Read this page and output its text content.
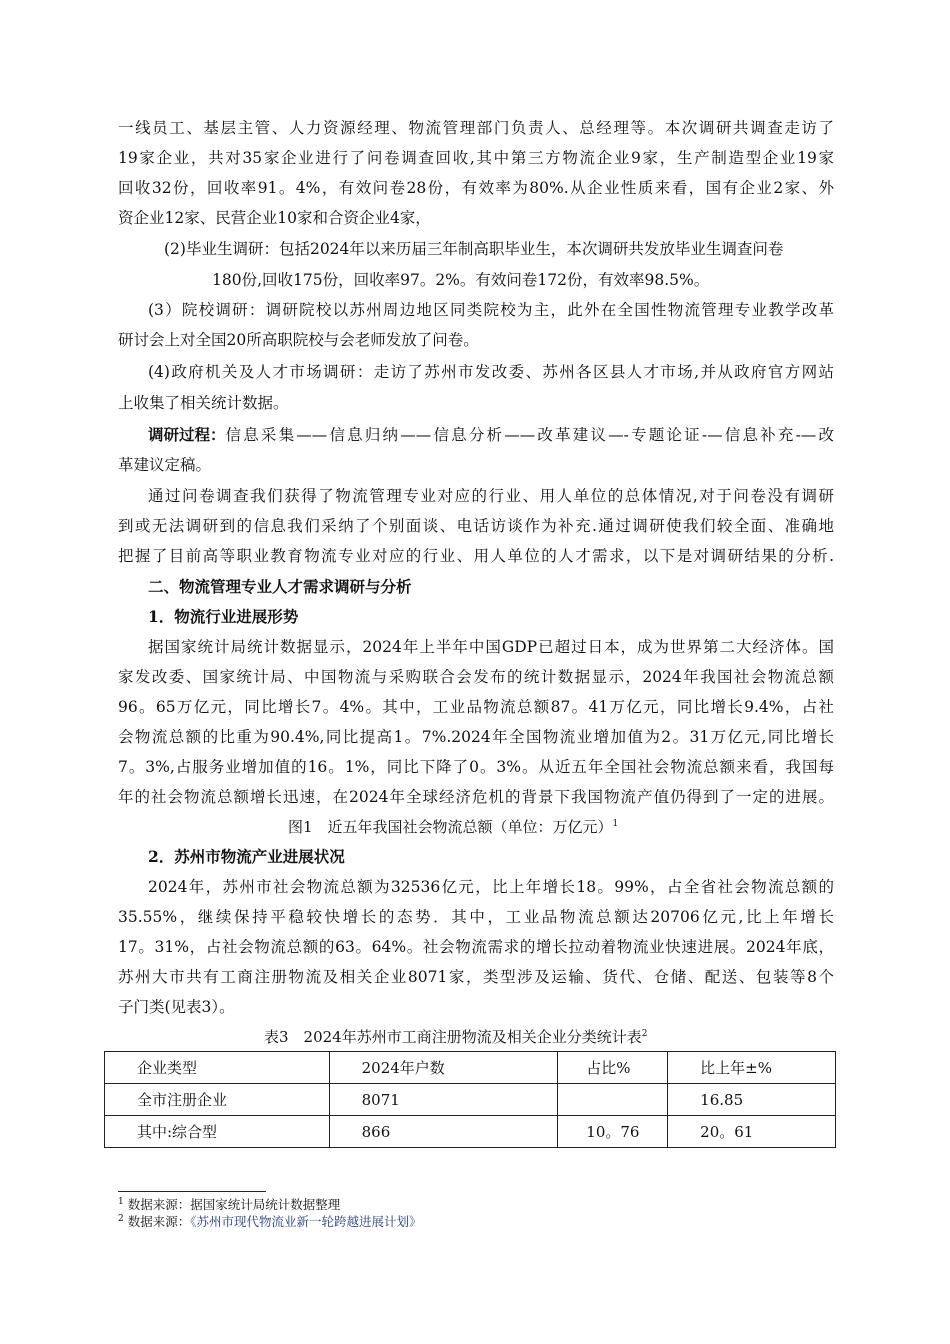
一线员工、基层主管、人力资源经理、物流管理部门负责人、总经理等。本次调研共调查走访了
19家企业，共对35家企业进行了问卷调查回收,其中第三方物流企业9家，生产制造型企业19家
回收32份，回收率91。4%，有效问卷28份，有效率为80%.从企业性质来看，国有企业2家、外
资企业12家、民营企业10家和合资企业4家，
(2)毕业生调研：包括2024年以来历届三年制高职毕业生，本次调研共发放毕业生调查问卷
180份,回收175份，回收率97。2%。有效问卷172份，有效率98.5%。
(3）院校调研：调研院校以苏州周边地区同类院校为主，此外在全国性物流管理专业教学改革
研讨会上对全国20所高职院校与会老师发放了问卷。
(4)政府机关及人才市场调研：走访了苏州市发改委、苏州各区县人才市场,并从政府官方网站
上收集了相关统计数据。
调研过程： 信息采集——信息归纳——信息分析——改革建议—-专题论证-—信息补充-—改
革建议定稿。
通过问卷调查我们获得了物流管理专业对应的行业、用人单位的总体情况,对于问卷没有调研
到或无法调研到的信息我们采纳了个别面谈、电话访谈作为补充.通过调研使我们较全面、准确地
把握了目前高等职业教育物流专业对应的行业、用人单位的人才需求，以下是对调研结果的分析.
二、物流管理专业人才需求调研与分析
1．物流行业进展形势
据国家统计局统计数据显示，2024年上半年中国GDP已超过日本，成为世界第二大经济体。国
家发改委、国家统计局、中国物流与采购联合会发布的统计数据显示，2024年我国社会物流总额
96。65万亿元，同比增长7。4%。其中，工业品物流总额87。41万亿元，同比增长9.4%，占社
会物流总额的比重为90.4%,同比提高1。7%.2024年全国物流业增加值为2。31万亿元,同比增长
7。3%,占服务业增加值的16。1%，同比下降了0。3%。从近五年全国社会物流总额来看，我国每
年的社会物流总额增长迅速，在2024年全球经济危机的背景下我国物流产值仍得到了一定的进展。
图1　近五年我国社会物流总额（单位：万亿元）$^1$
2．苏州市物流产业进展状况
2024年，苏州市社会物流总额为32536亿元，比上年增长18。99%，占全省社会物流总额的
35.55%，继续保持平稳较快增长的态势．其中，工业品物流总额达20706亿元,比上年增长
17。31%，占社会物流总额的63。64%。社会物流需求的增长拉动着物流业快速进展。2024年底，
苏州大市共有工商注册物流及相关企业8071家，类型涉及运输、货代、仓储、配送、包装等8个
子门类(见表3）。
表3　2024年苏州市工商注册物流及相关企业分类统计表$^2$
企业类型	2024年户数	占比%	比上年±%
全市注册企业	8071		16.85
其中:综合型	866	10。76	20。61
$^1$ 数据来源：据国家统计局统计数据整理
$^2$ 数据来源：《苏州市现代物流业新一轮跨越进展计划》
